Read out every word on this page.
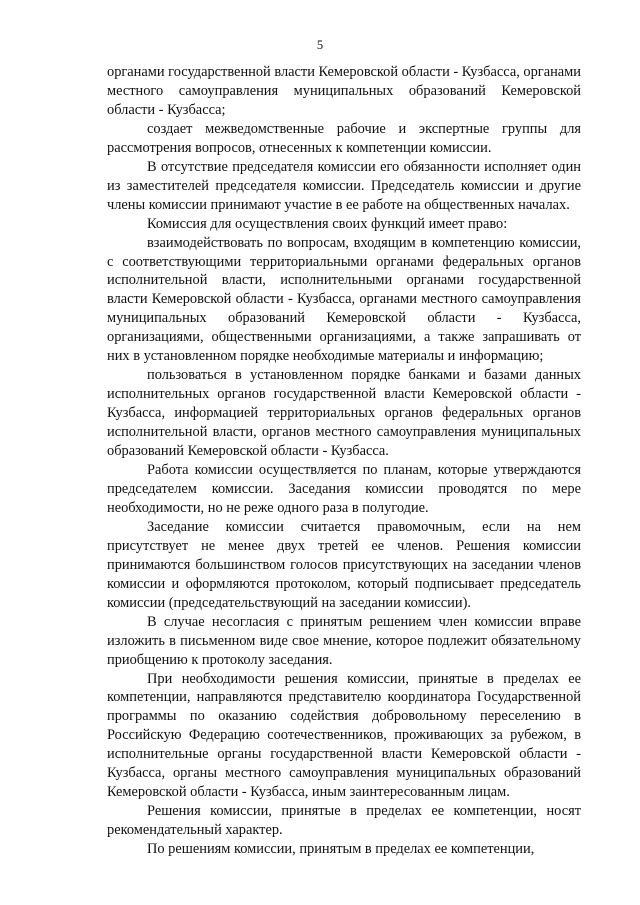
5

органами государственной власти Кемеровской области - Кузбасса, органами местного самоуправления муниципальных образований Кемеровской области - Кузбасса;

создает межведомственные рабочие и экспертные группы для рассмотрения вопросов, отнесенных к компетенции комиссии.

В отсутствие председателя комиссии его обязанности исполняет один из заместителей председателя комиссии. Председатель комиссии и другие члены комиссии принимают участие в ее работе на общественных началах.

Комиссия для осуществления своих функций имеет право:

взаимодействовать по вопросам, входящим в компетенцию комиссии, с соответствующими территориальными органами федеральных органов исполнительной власти, исполнительными органами государственной власти Кемеровской области - Кузбасса, органами местного самоуправления муниципальных образований Кемеровской области - Кузбасса, организациями, общественными организациями, а также запрашивать от них в установленном порядке необходимые материалы и информацию;

пользоваться в установленном порядке банками и базами данных исполнительных органов государственной власти Кемеровской области - Кузбасса, информацией территориальных органов федеральных органов исполнительной власти, органов местного самоуправления муниципальных образований Кемеровской области - Кузбасса.

Работа комиссии осуществляется по планам, которые утверждаются председателем комиссии. Заседания комиссии проводятся по мере необходимости, но не реже одного раза в полугодие.

Заседание комиссии считается правомочным, если на нем присутствует не менее двух третей ее членов. Решения комиссии принимаются большинством голосов присутствующих на заседании членов комиссии и оформляются протоколом, который подписывает председатель комиссии (председательствующий на заседании комиссии).

В случае несогласия с принятым решением член комиссии вправе изложить в письменном виде свое мнение, которое подлежит обязательному приобщению к протоколу заседания.

При необходимости решения комиссии, принятые в пределах ее компетенции, направляются представителю координатора Государственной программы по оказанию содействия добровольному переселению в Российскую Федерацию соотечественников, проживающих за рубежом, в исполнительные органы государственной власти Кемеровской области - Кузбасса, органы местного самоуправления муниципальных образований Кемеровской области - Кузбасса, иным заинтересованным лицам.

Решения комиссии, принятые в пределах ее компетенции, носят рекомендательный характер.

По решениям комиссии, принятым в пределах ее компетенции,
